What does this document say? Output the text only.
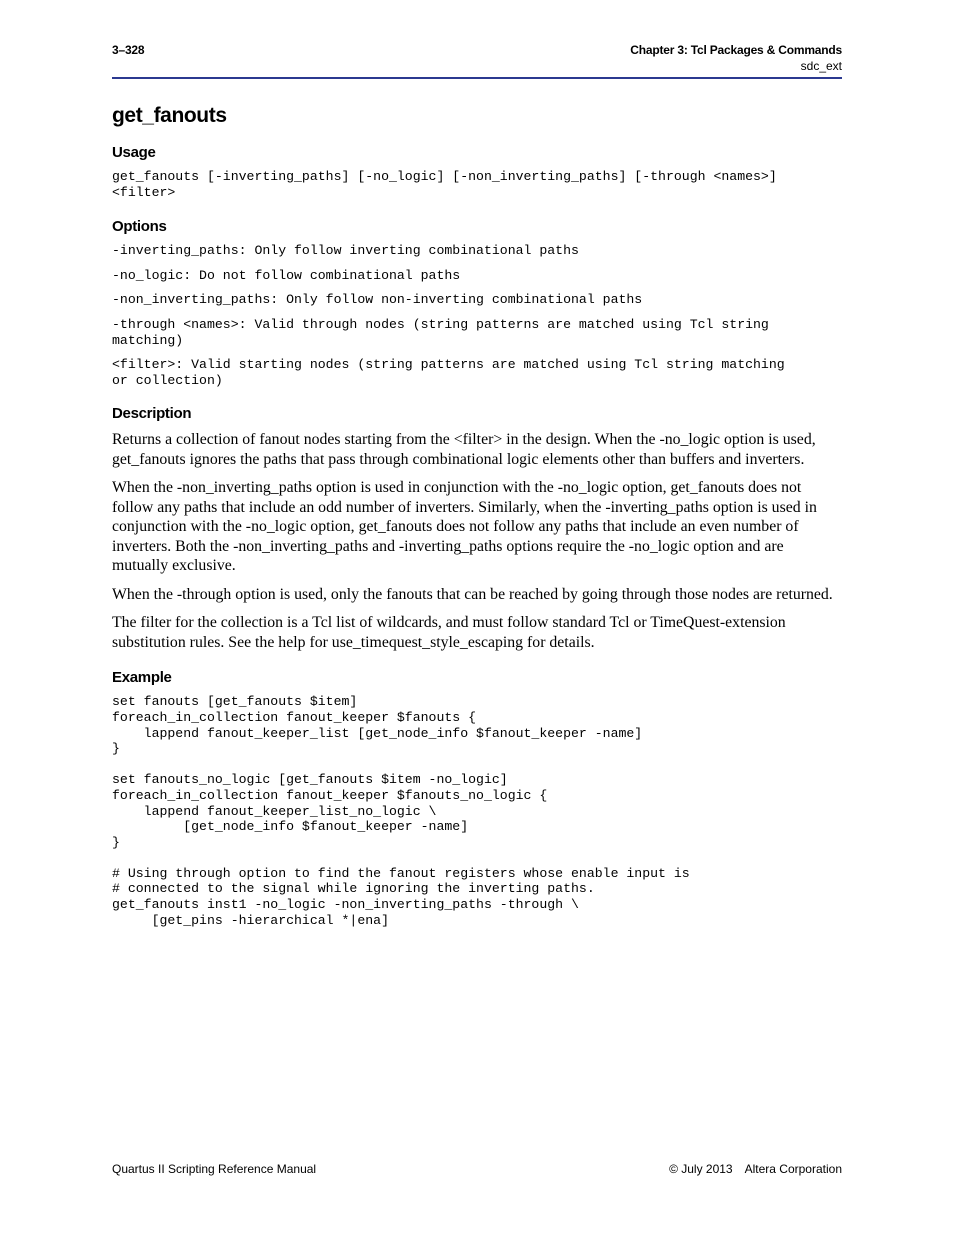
3–328	Chapter 3: Tcl Packages & Commands
sdc_ext
get_fanouts
Usage
get_fanouts [-inverting_paths] [-no_logic] [-non_inverting_paths] [-through <names>]
<filter>
Options
-inverting_paths: Only follow inverting combinational paths
-no_logic: Do not follow combinational paths
-non_inverting_paths: Only follow non-inverting combinational paths
-through <names>: Valid through nodes (string patterns are matched using Tcl string
matching)
<filter>: Valid starting nodes (string patterns are matched using Tcl string matching
or collection)
Description

Returns a collection of fanout nodes starting from the <filter> in the design. When the -no_logic option is used, get_fanouts ignores the paths that pass through combinational logic elements other than buffers and inverters.

When the -non_inverting_paths option is used in conjunction with the -no_logic option, get_fanouts does not follow any paths that include an odd number of inverters. Similarly, when the -inverting_paths option is used in conjunction with the -no_logic option, get_fanouts does not follow any paths that include an even number of inverters. Both the -non_inverting_paths and -inverting_paths options require the -no_logic option and are mutually exclusive.

When the -through option is used, only the fanouts that can be reached by going through those nodes are returned.

The filter for the collection is a Tcl list of wildcards, and must follow standard Tcl or TimeQuest-extension substitution rules. See the help for use_timequest_style_escaping for details.

Example
set fanouts [get_fanouts $item]
foreach_in_collection fanout_keeper $fanouts {
lappend fanout_keeper_list [get_node_info $fanout_keeper -name]
}
set fanouts_no_logic [get_fanouts $item -no_logic]
foreach_in_collection fanout_keeper $fanouts_no_logic {
lappend fanout_keeper_list_no_logic \
[get_node_info $fanout_keeper -name]
}
# Using through option to find the fanout registers whose enable input is
# connected to the signal while ignoring the inverting paths.
get_fanouts inst1 -no_logic -non_inverting_paths -through \
[get_pins -hierarchical *|ena]
Quartus II Scripting Reference Manual	© July 2013 Altera Corporation
